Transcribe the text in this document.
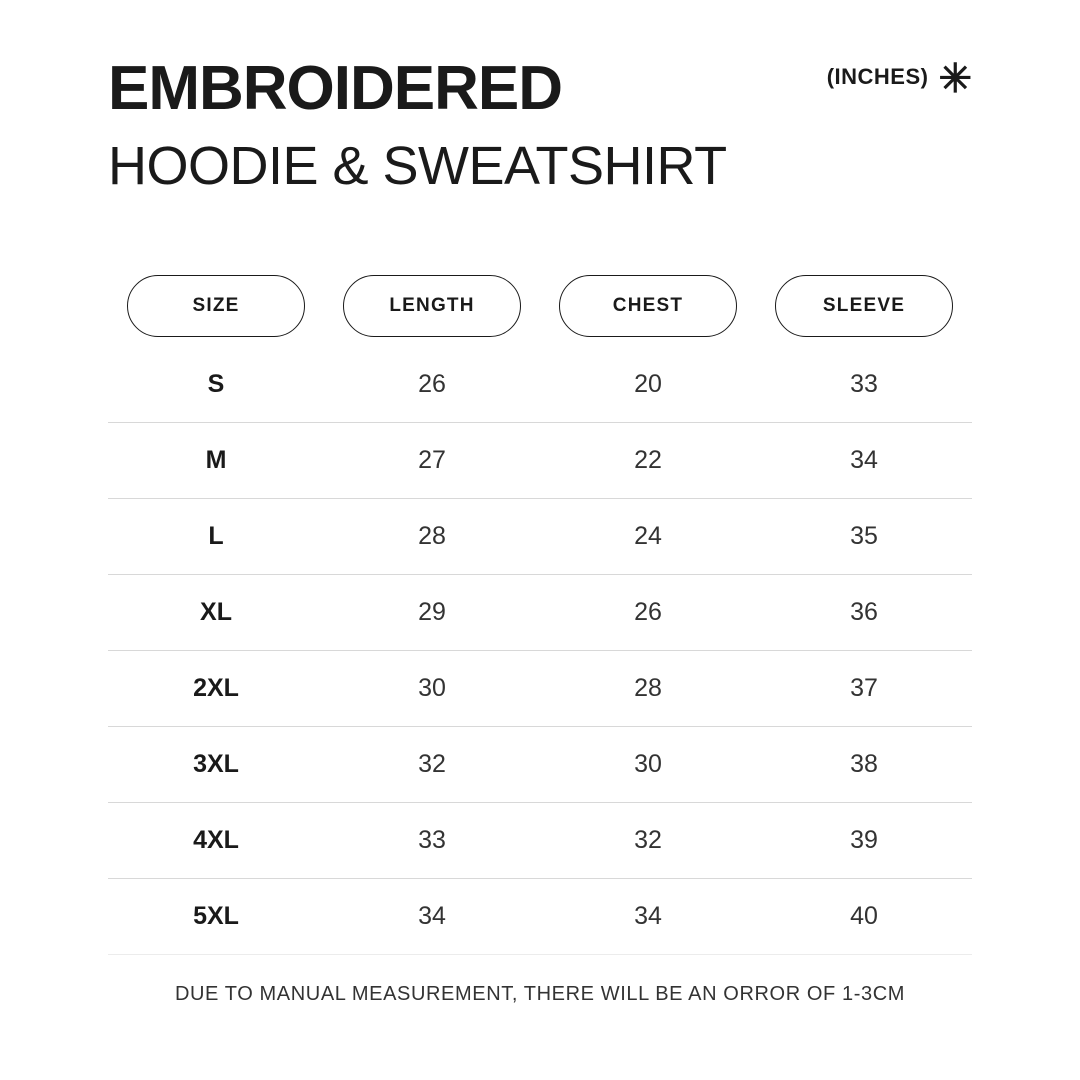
EMBROIDERED
HOODIE & SWEATSHIRT
(INCHES) ✳
SIZE	LENGTH	CHEST	SLEEVE
S	26	20	33
M	27	22	34
L	28	24	35
XL	29	26	36
2XL	30	28	37
3XL	32	30	38
4XL	33	32	39
5XL	34	34	40
DUE TO MANUAL MEASUREMENT, THERE WILL BE AN ORROR OF 1-3CM
